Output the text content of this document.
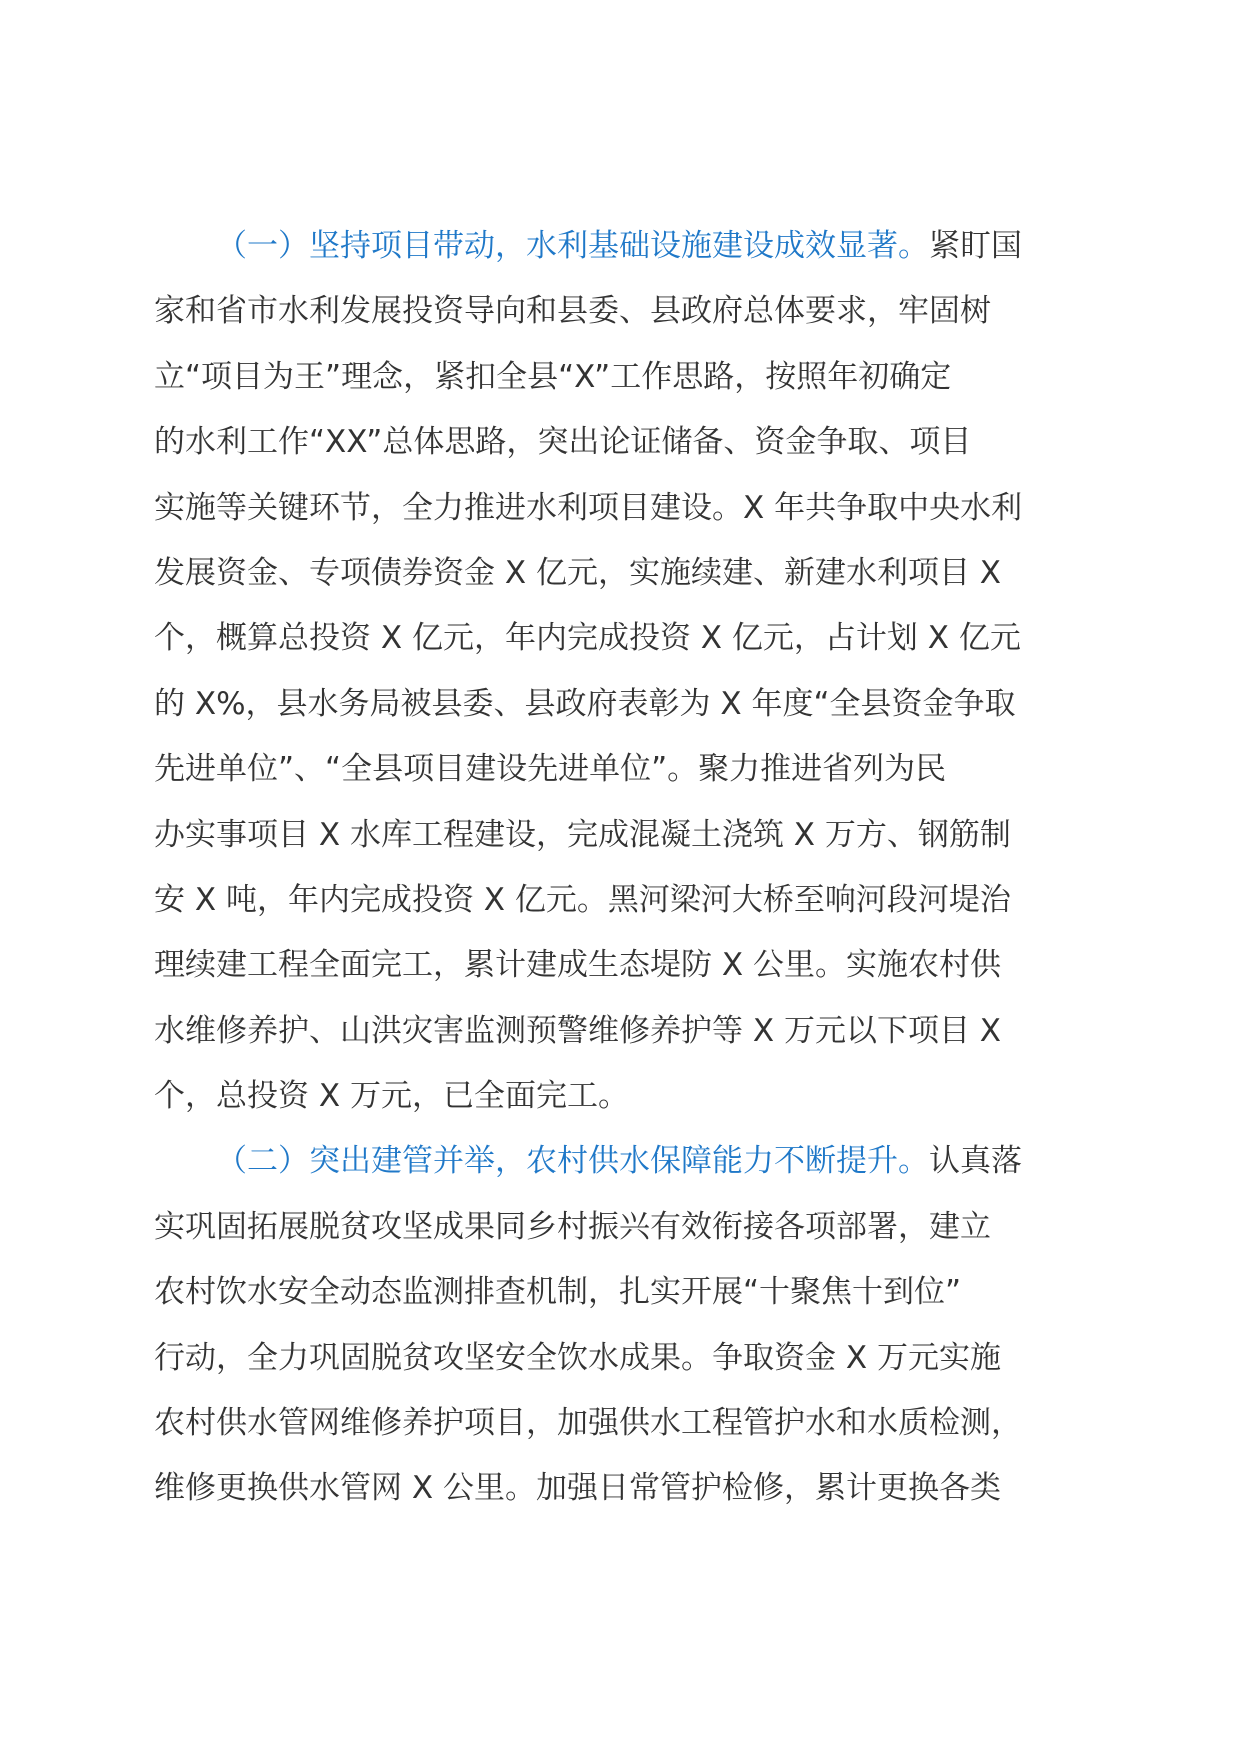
（一）坚持项目带动，水利基础设施建设成效显著。紧盯国
家和省市水利发展投资导向和县委、县政府总体要求，牢固树
立“项目为王”理念，紧扣全县“X”工作思路，按照年初确定
的水利工作“XX”总体思路，突出论证储备、资金争取、项目
实施等关键环节，全力推进水利项目建设。X 年共争取中央水利
发展资金、专项债券资金 X 亿元，实施续建、新建水利项目 X
个，概算总投资 X 亿元，年内完成投资 X 亿元，占计划 X 亿元
的 X%，县水务局被县委、县政府表彰为 X 年度“全县资金争取
先进单位”、“全县项目建设先进单位”。聚力推进省列为民
办实事项目 X 水库工程建设，完成混凝土浇筑 X 万方、钢筋制
安 X 吨，年内完成投资 X 亿元。黑河梁河大桥至响河段河堤治
理续建工程全面完工，累计建成生态堤防 X 公里。实施农村供
水维修养护、山洪灾害监测预警维修养护等 X 万元以下项目 X
个，总投资 X 万元，已全面完工。
（二）突出建管并举，农村供水保障能力不断提升。认真落
实巩固拓展脱贫攻坚成果同乡村振兴有效衔接各项部署，建立
农村饮水安全动态监测排查机制，扎实开展“十聚焦十到位”
行动，全力巩固脱贫攻坚安全饮水成果。争取资金 X 万元实施
农村供水管网维修养护项目，加强供水工程管护水和水质检测，
维修更换供水管网 X 公里。加强日常管护检修，累计更换各类
